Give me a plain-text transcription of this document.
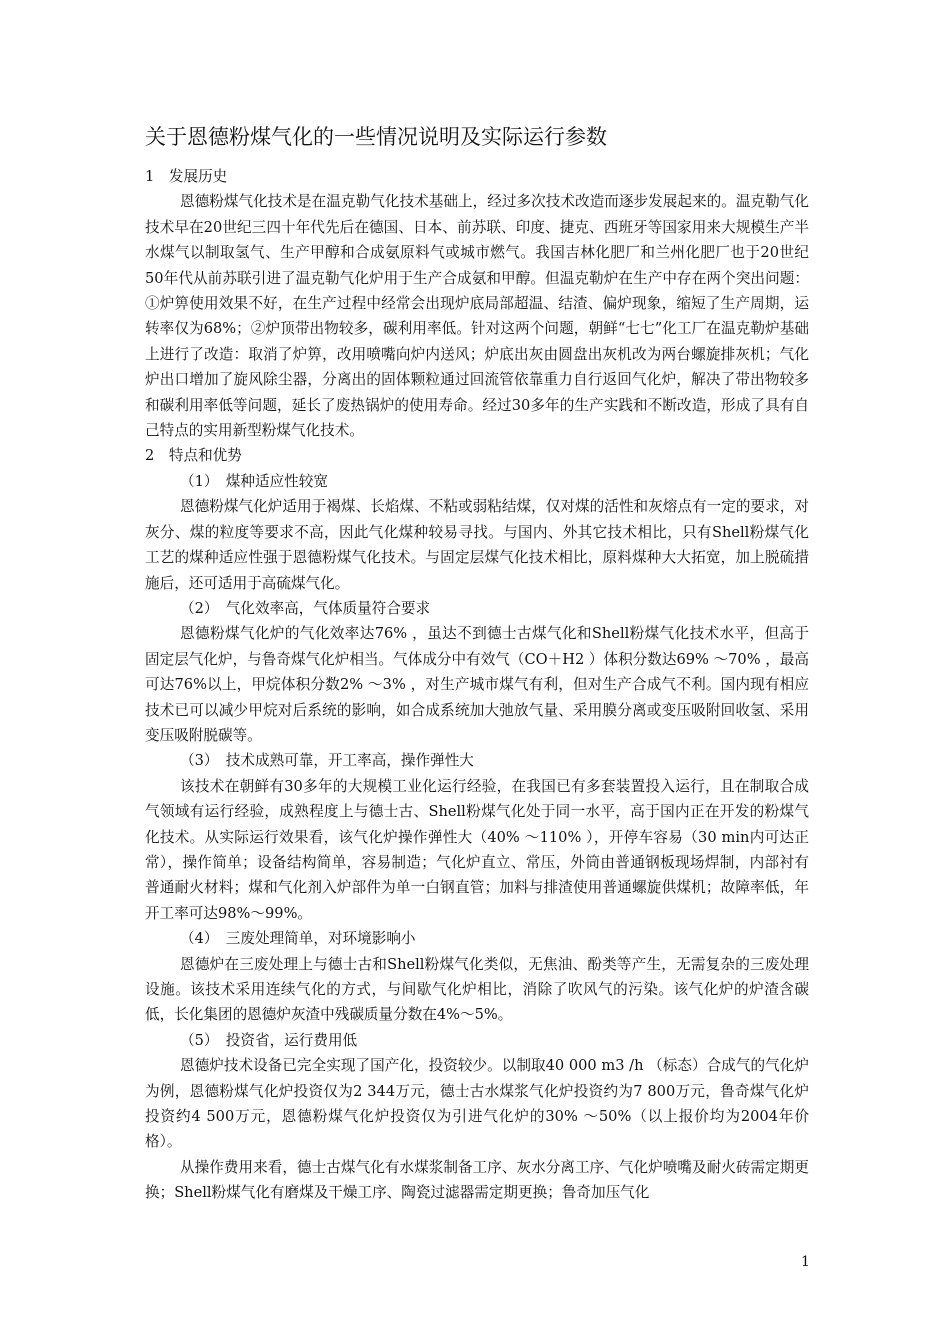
关于恩德粉煤气化的一些情况说明及实际运行参数

1　发展历史

恩德粉煤气化技术是在温克勒气化技术基础上，经过多次技术改造而逐步发展起来的。温克勒气化技术早在20世纪三四十年代先后在德国、日本、前苏联、印度、捷克、西班牙等国家用来大规模生产半水煤气以制取氢气、生产甲醇和合成氨原料气或城市燃气。我国吉林化肥厂和兰州化肥厂也于20世纪50年代从前苏联引进了温克勒气化炉用于生产合成氨和甲醇。但温克勒炉在生产中存在两个突出问题：①炉箅使用效果不好，在生产过程中经常会出现炉底局部超温、结渣、偏炉现象，缩短了生产周期，运转率仅为68%；②炉顶带出物较多，碳利用率低。针对这两个问题，朝鲜“七七”化工厂在温克勒炉基础上进行了改造：取消了炉箅，改用喷嘴向炉内送风；炉底出灰由圆盘出灰机改为两台螺旋排灰机；气化炉出口增加了旋风除尘器，分离出的固体颗粒通过回流管依靠重力自行返回气化炉，解决了带出物较多和碳利用率低等问题，延长了废热锅炉的使用寿命。经过30多年的生产实践和不断改造，形成了具有自己特点的实用新型粉煤气化技术。

2　特点和优势

（1）　煤种适应性较宽

恩德粉煤气化炉适用于褐煤、长焰煤、不粘或弱粘结煤，仅对煤的活性和灰熔点有一定的要求，对灰分、煤的粒度等要求不高，因此气化煤种较易寻找。与国内、外其它技术相比，只有Shell粉煤气化工艺的煤种适应性强于恩德粉煤气化技术。与固定层煤气化技术相比，原料煤种大大拓宽，加上脱硫措施后，还可适用于高硫煤气化。

（2）　气化效率高，气体质量符合要求

恩德粉煤气化炉的气化效率达76% ，虽达不到德士古煤气化和Shell粉煤气化技术水平，但高于固定层气化炉，与鲁奇煤气化炉相当。气体成分中有效气（CO＋H2 ）体积分数达69% ～70% ，最高可达76%以上，甲烷体积分数2% ～3% ，对生产城市煤气有利，但对生产合成气不利。国内现有相应技术已可以减少甲烷对后系统的影响，如合成系统加大弛放气量、采用膜分离或变压吸附回收氢、采用变压吸附脱碳等。

（3）　技术成熟可靠，开工率高，操作弹性大

该技术在朝鲜有30多年的大规模工业化运行经验，在我国已有多套装置投入运行，且在制取合成气领域有运行经验，成熟程度上与德士古、Shell粉煤气化处于同一水平，高于国内正在开发的粉煤气化技术。从实际运行效果看，该气化炉操作弹性大（40% ～110% ），开停车容易（30 min内可达正常），操作简单；设备结构简单，容易制造；气化炉直立、常压，外筒由普通钢板现场焊制，内部衬有普通耐火材料；煤和气化剂入炉部件为单一白钢直管；加料与排渣使用普通螺旋供煤机；故障率低，年开工率可达98%～99%。

（4）　三废处理简单，对环境影响小

恩德炉在三废处理上与德士古和Shell粉煤气化类似，无焦油、酚类等产生，无需复杂的三废处理设施。该技术采用连续气化的方式，与间歇气化炉相比，消除了吹风气的污染。该气化炉的炉渣含碳低，长化集团的恩德炉灰渣中残碳质量分数在4%～5%。

（5）　投资省，运行费用低

恩德炉技术设备已完全实现了国产化，投资较少。以制取40 000 m3 /h （标态）合成气的气化炉为例，恩德粉煤气化炉投资仅为2 344万元，德士古水煤浆气化炉投资约为7 800万元，鲁奇煤气化炉投资约4 500万元，恩德粉煤气化炉投资仅为引进气化炉的30% ～50%（以上报价均为2004年价格）。

从操作费用来看，德士古煤气化有水煤浆制备工序、灰水分离工序、气化炉喷嘴及耐火砖需定期更换；Shell粉煤气化有磨煤及干燥工序、陶瓷过滤器需定期更换；鲁奇加压气化

1
